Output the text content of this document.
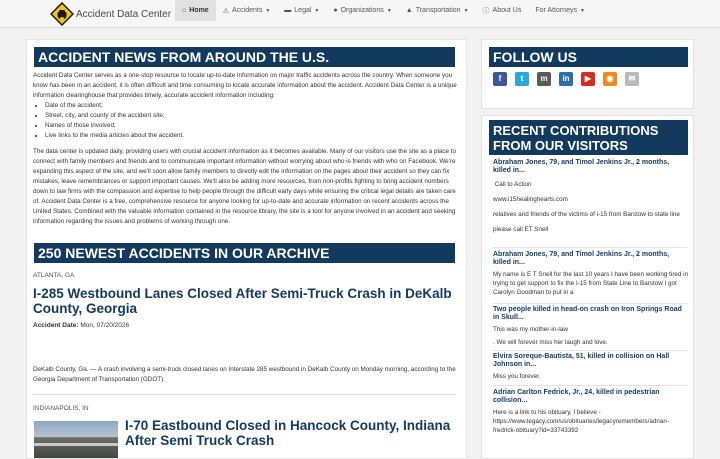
Accident Data Center ⌂ Home ⚠ Accidents ▼ ▬ Legal ▼ ● Organizations ▼ ▲ Transportation ▼ ⓘ About Us For Attorneys ▼
ACCIDENT NEWS FROM AROUND THE U.S.

Accident Data Center serves as a one-stop resource to locate up-to-date information on major traffic accidents across the country. When someone you know has been in an accident, it is often difficult and time consuming to locate accurate information about the accident. Accident Data Center is a unique information clearinghouse that provides timely, accurate accident information including:

• Date of the accident;
• Street, city, and county of the accident site;
• Names of those involved;
• Live links to the media articles about the accident.

The data center is updated daily, providing users with crucial accident information as it becomes available. Many of our visitors use the site as a place to connect with family members and friends and to communicate important information without worrying about who is friends with who on Facebook. We're expanding this aspect of the site, and we'll soon allow family members to directly edit the information on the pages about their accident so they can fix mistakes, leave remembrances or support important causes. We'll also be adding more resources, from non-profits fighting to bring accident numbers down to law firms with the compassion and expertise to help people through the difficult early days while ensuring the critical legal details are taken care of. Accident Data Center is a free, comprehensive resource for anyone looking for up-to-date and accurate information on recent accidents across the United States. Combined with the valuable information contained in the resource library, the site is a tool for anyone involved in an accident and seeking information regarding the issues and problems of working through one.

250 NEWEST ACCIDENTS IN OUR ARCHIVE
ATLANTA, GA
I-285 Westbound Lanes Closed After Semi-Truck Crash in DeKalb County, Georgia
Accident Date: Mon, 07/20/2026
DeKalb County, Ga. — A crash involving a semi-truck closed lanes on Interstate 285 westbound in DeKalb County on Monday morning, according to the Georgia Department of Transportation (GDOT).
INDIANAPOLIS, IN
I-70 Eastbound Closed in Hancock County, Indiana After Semi Truck Crash
FOLLOW US
f	t	m	in	▶	◉	✉
RECENT CONTRIBUTIONS FROM OUR VISITORS
Abraham Jones, 79, and Timol Jenkins Jr., 2 months, killed in...
Call to Action
www.i15healinghearts.com
relatives and friends of the victims of i-15 from Barstow to state line
please call ET Snell
Abraham Jones, 79, and Timol Jenkins Jr., 2 months, killed in...
My name is E T Snell for the last 10 years I have been working tired in trying to get support to fix the I-15 from State Line to Barstow I got Carolyn Goodman to put in a
Two people killed in head-on crash on Iron Springs Road in Skull...
This was my mother-in-law
. We will forever miss her laugh and love.
Elvira Soreque-Bautista, 51, killed in collision on Hall Johnson in...
Miss you forever.
Adrian Carlton Fedrick, Jr., 24, killed in pedestrian collision...
Here is a link to his obituary, I believe - https://www.legacy.com/us/obituaries/legacyremembers/adrian-fredrick-obituary?id=33743392
